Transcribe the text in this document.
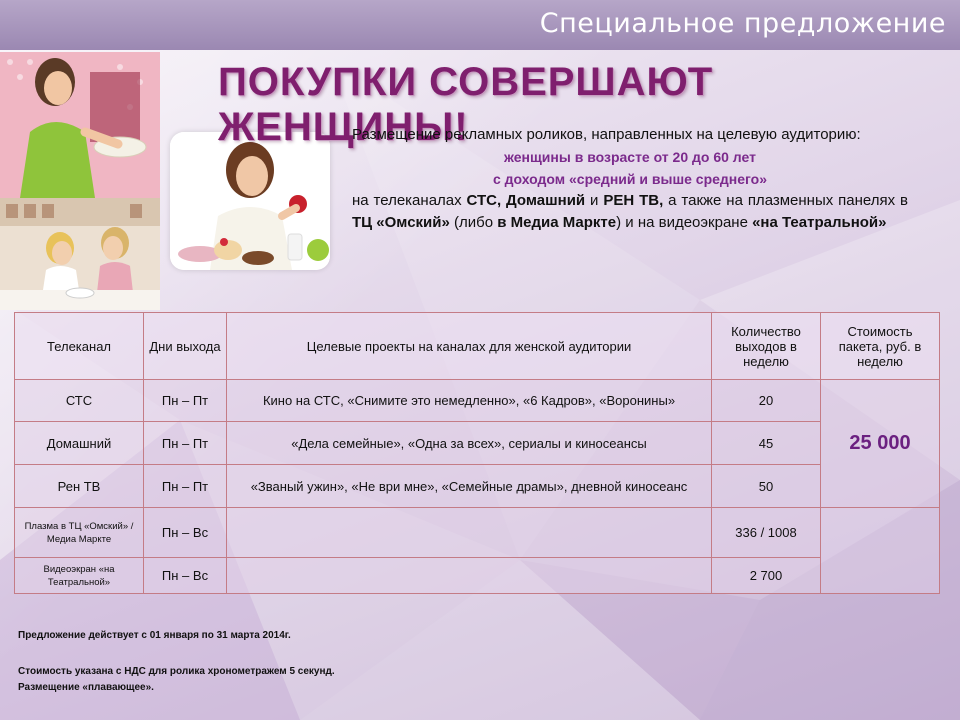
Специальное предложение
ПОКУПКИ СОВЕРШАЮТ ЖЕНЩИНЫ!
Размещение рекламных роликов, направленных на целевую аудиторию:
женщины в возрасте от 20 до 60 лет
с доходом «средний и выше среднего»
на телеканалах СТС, Домашний и РЕН ТВ, а также на плазменных панелях в ТЦ «Омский» (либо в Медиа Маркте) и на видеоэкране «на Театральной»
Телеканал	Дни выхода	Целевые проекты на каналах для женской аудитории	Количество выходов в неделю	Стоимость пакета, руб. в неделю
СТС	Пн – Пт	Кино на СТС, «Снимите это немедленно», «6 Кадров», «Воронины»	20	25 000
Домашний	Пн – Пт	«Дела семейные», «Одна за всех», сериалы и киносеансы	45	
Рен ТВ	Пн – Пт	«Званый ужин», «Не ври мне», «Семейные драмы», дневной киносеанс	50	
Плазма в ТЦ «Омский» / Медиа Маркте	Пн – Вс		336 / 1008	
Видеоэкран «на Театральной»	Пн – Вс		2 700	
Предложение действует с 01 января по 31 марта 2014г.
Стоимость указана с НДС для ролика хронометражем 5 секунд.
Размещение «плавающее».
